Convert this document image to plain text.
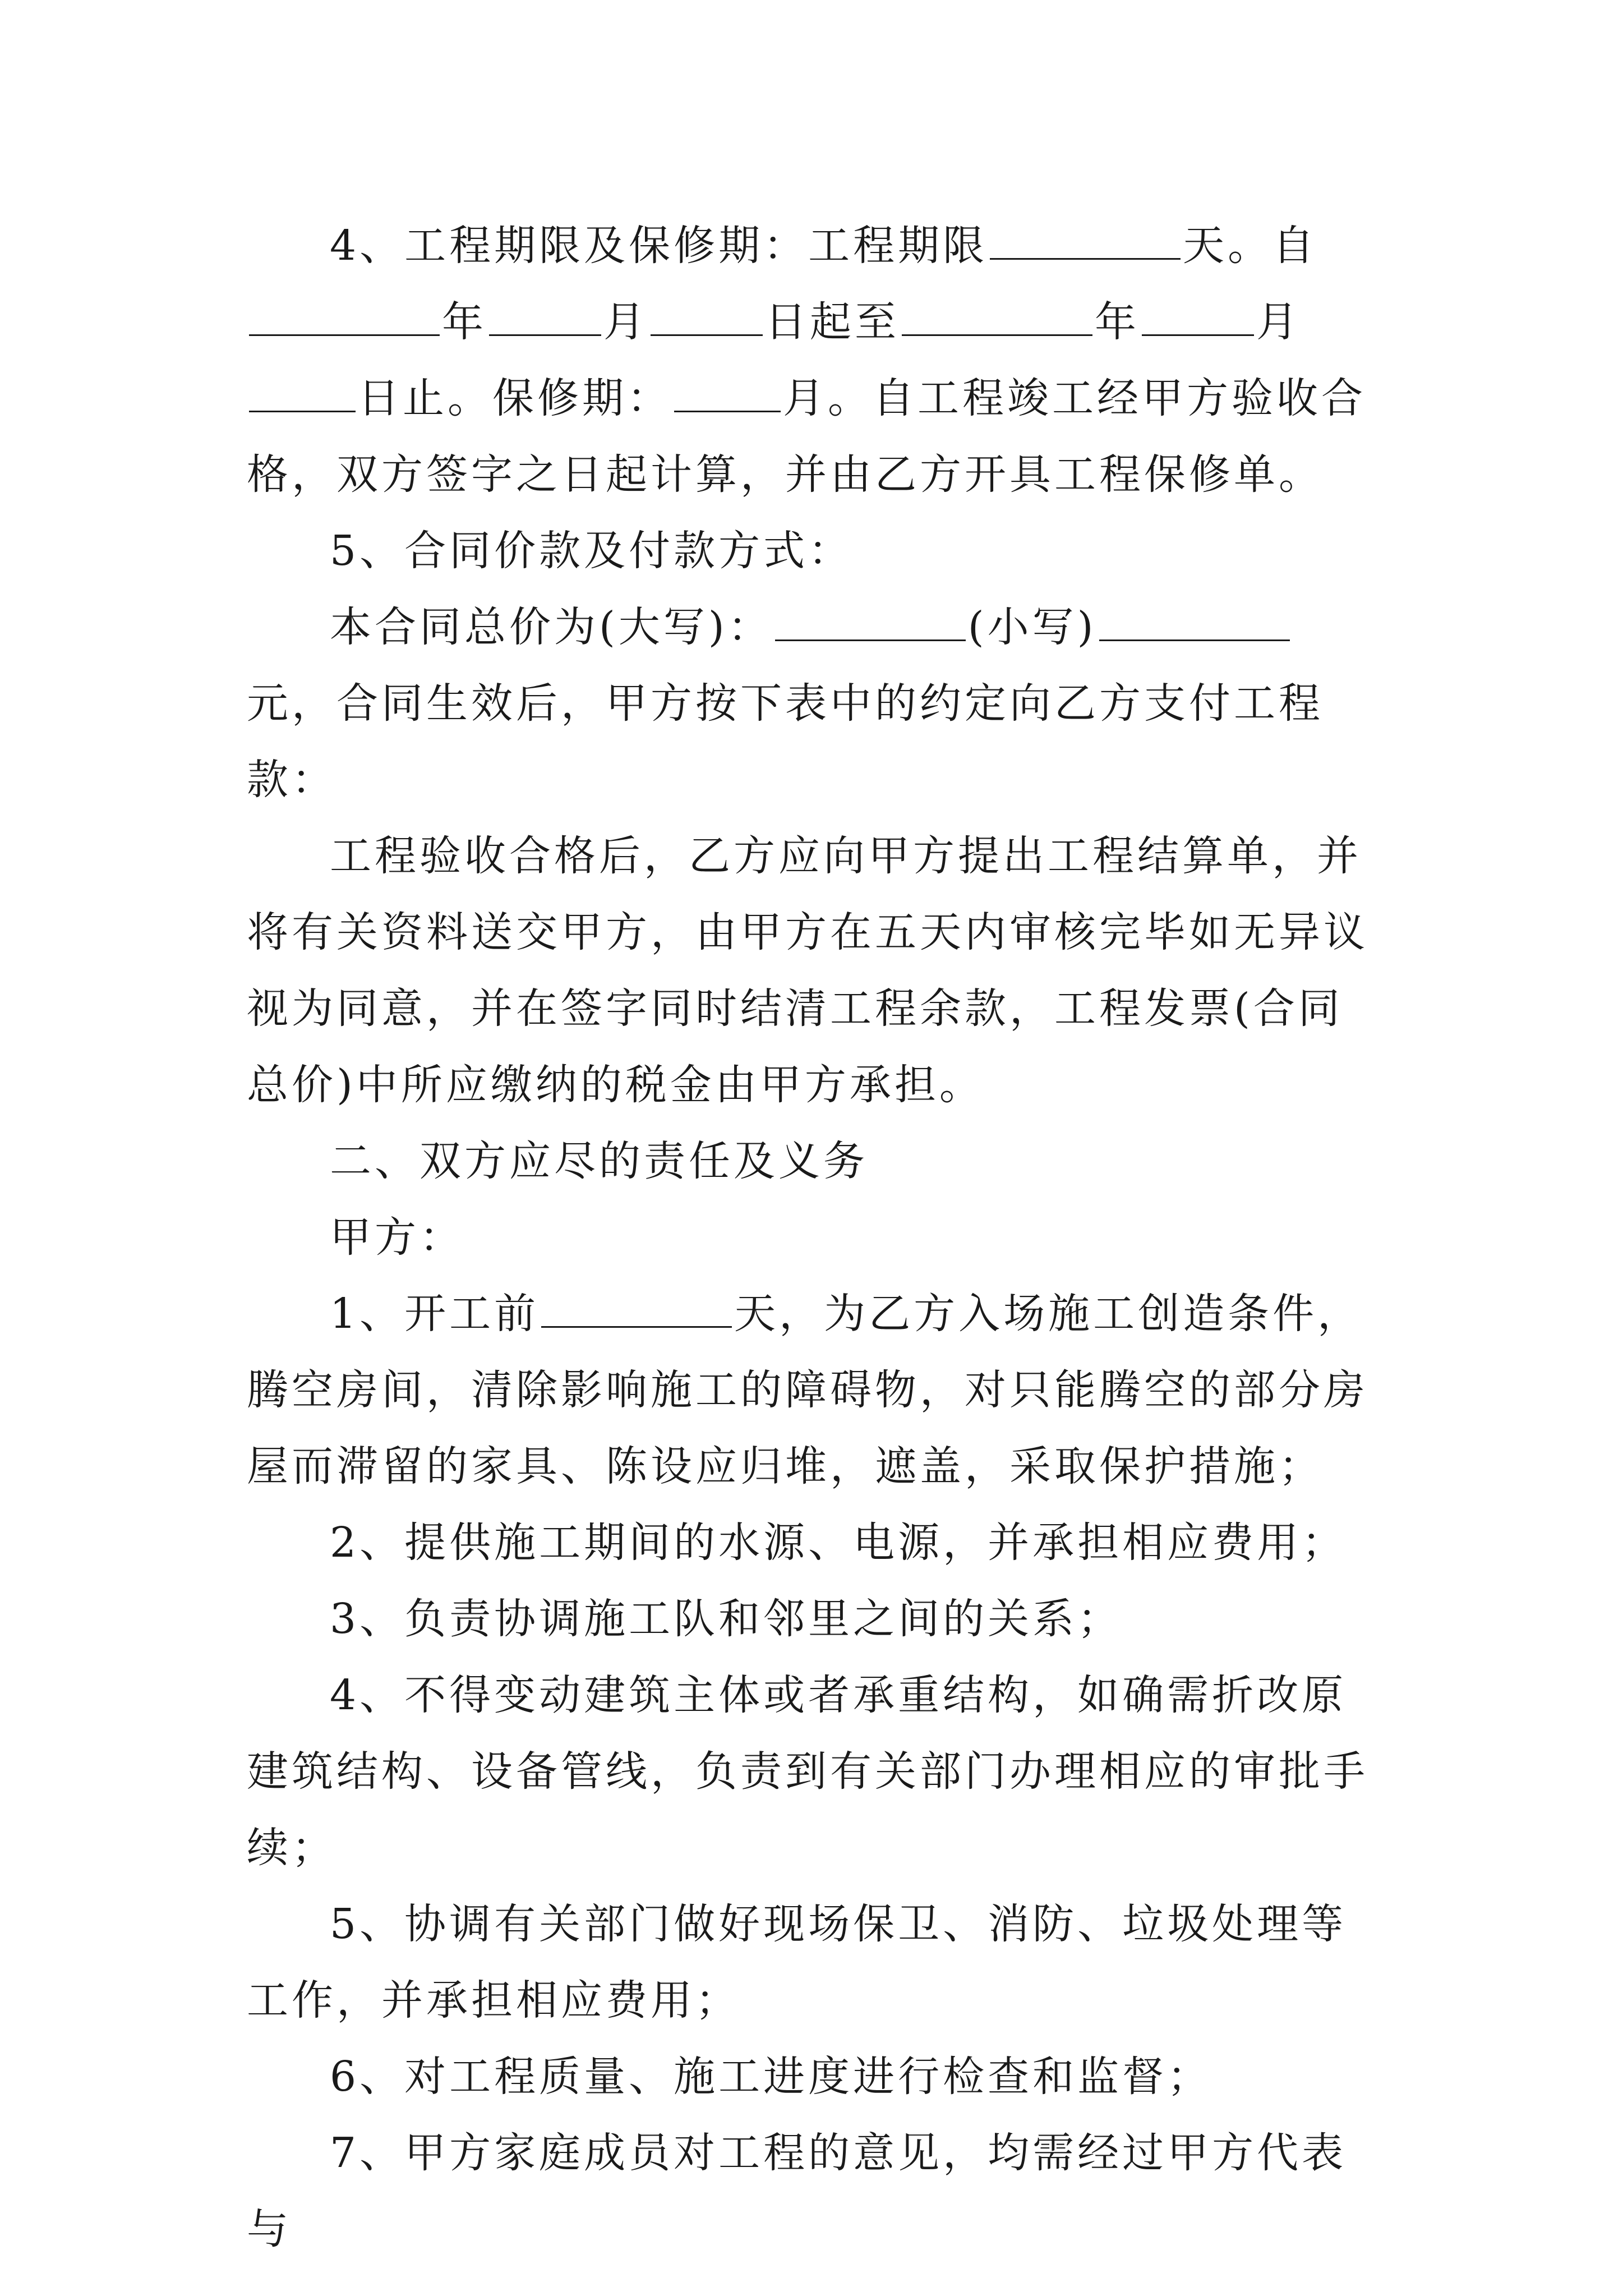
4、工程期限及保修期：工程期限	天。自年	月	日起至	年	月日止。保修期：	月。自工程竣工经甲方验收合格，双方签字之日起计算，并由乙方开具工程保修单。

5、合同价款及付款方式：

本合同总价为(大写)：	(小写)元，合同生效后，甲方按下表中的约定向乙方支付工程款：

工程验收合格后，乙方应向甲方提出工程结算单，并将有关资料送交甲方，由甲方在五天内审核完毕如无异议视为同意，并在签字同时结清工程余款，工程发票(合同总价)中所应缴纳的税金由甲方承担。

二、双方应尽的责任及义务

甲方：

1、开工前	天，为乙方入场施工创造条件，腾空房间，清除影响施工的障碍物，对只能腾空的部分房屋而滞留的家具、陈设应归堆，遮盖，采取保护措施；

2、提供施工期间的水源、电源，并承担相应费用；

3、负责协调施工队和邻里之间的关系；

4、不得变动建筑主体或者承重结构，如确需折改原建筑结构、设备管线，负责到有关部门办理相应的审批手续；

5、协调有关部门做好现场保卫、消防、垃圾处理等工作，并承担相应费用；

6、对工程质量、施工进度进行检查和监督；

7、甲方家庭成员对工程的意见，均需经过甲方代表与
